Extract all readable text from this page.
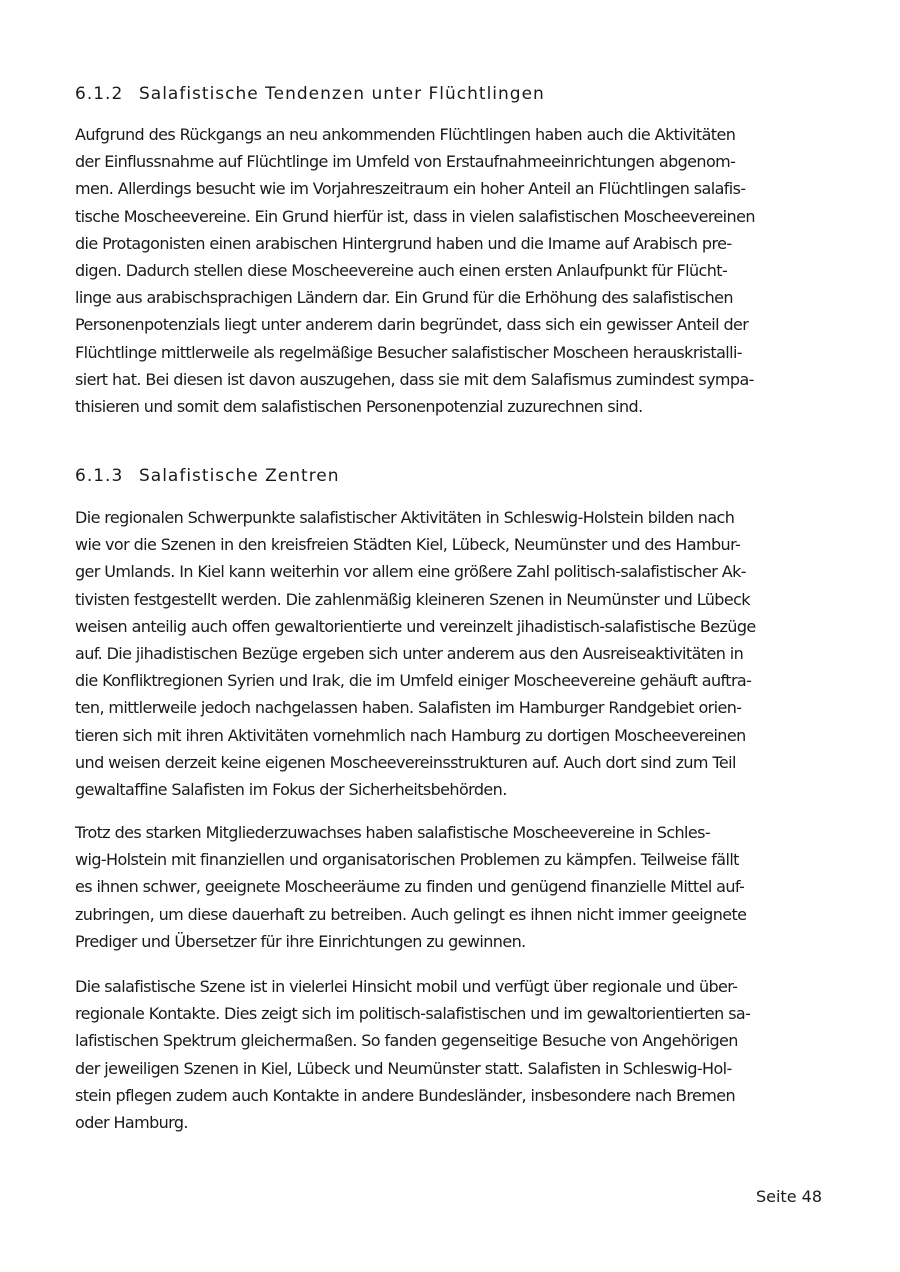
6.1.2 Salafistische Tendenzen unter Flüchtlingen

Aufgrund des Rückgangs an neu ankommenden Flüchtlingen haben auch die Aktivitäten
der Einflussnahme auf Flüchtlinge im Umfeld von Erstaufnahmeeinrichtungen abgenom-
men. Allerdings besucht wie im Vorjahreszeitraum ein hoher Anteil an Flüchtlingen salafis-
tische Moscheevereine. Ein Grund hierfür ist, dass in vielen salafistischen Moscheevereinen
die Protagonisten einen arabischen Hintergrund haben und die Imame auf Arabisch pre-
digen. Dadurch stellen diese Moscheevereine auch einen ersten Anlaufpunkt für Flücht-
linge aus arabischsprachigen Ländern dar. Ein Grund für die Erhöhung des salafistischen
Personenpotenzials liegt unter anderem darin begründet, dass sich ein gewisser Anteil der
Flüchtlinge mittlerweile als regelmäßige Besucher salafistischer Moscheen herauskristalli-
siert hat. Bei diesen ist davon auszugehen, dass sie mit dem Salafismus zumindest sympa-
thisieren und somit dem salafistischen Personenpotenzial zuzurechnen sind.

6.1.3 Salafistische Zentren

Die regionalen Schwerpunkte salafistischer Aktivitäten in Schleswig-Holstein bilden nach
wie vor die Szenen in den kreisfreien Städten Kiel, Lübeck, Neumünster und des Hambur-
ger Umlands. In Kiel kann weiterhin vor allem eine größere Zahl politisch-salafistischer Ak-
tivisten festgestellt werden. Die zahlenmäßig kleineren Szenen in Neumünster und Lübeck
weisen anteilig auch offen gewaltorientierte und vereinzelt jihadistisch-salafistische Bezüge
auf. Die jihadistischen Bezüge ergeben sich unter anderem aus den Ausreiseaktivitäten in
die Konfliktregionen Syrien und Irak, die im Umfeld einiger Moscheevereine gehäuft auftra-
ten, mittlerweile jedoch nachgelassen haben. Salafisten im Hamburger Randgebiet orien-
tieren sich mit ihren Aktivitäten vornehmlich nach Hamburg zu dortigen Moscheevereinen
und weisen derzeit keine eigenen Moscheevereinsstrukturen auf. Auch dort sind zum Teil
gewaltaffine Salafisten im Fokus der Sicherheitsbehörden.

Trotz des starken Mitgliederzuwachses haben salafistische Moscheevereine in Schles-
wig-Holstein mit finanziellen und organisatorischen Problemen zu kämpfen. Teilweise fällt
es ihnen schwer, geeignete Moscheeräume zu finden und genügend finanzielle Mittel auf-
zubringen, um diese dauerhaft zu betreiben. Auch gelingt es ihnen nicht immer geeignete
Prediger und Übersetzer für ihre Einrichtungen zu gewinnen.

Die salafistische Szene ist in vielerlei Hinsicht mobil und verfügt über regionale und über-
regionale Kontakte. Dies zeigt sich im politisch-salafistischen und im gewaltorientierten sa-
lafistischen Spektrum gleichermaßen. So fanden gegenseitige Besuche von Angehörigen
der jeweiligen Szenen in Kiel, Lübeck und Neumünster statt. Salafisten in Schleswig-Hol-
stein pflegen zudem auch Kontakte in andere Bundesländer, insbesondere nach Bremen
oder Hamburg.

Seite 48
